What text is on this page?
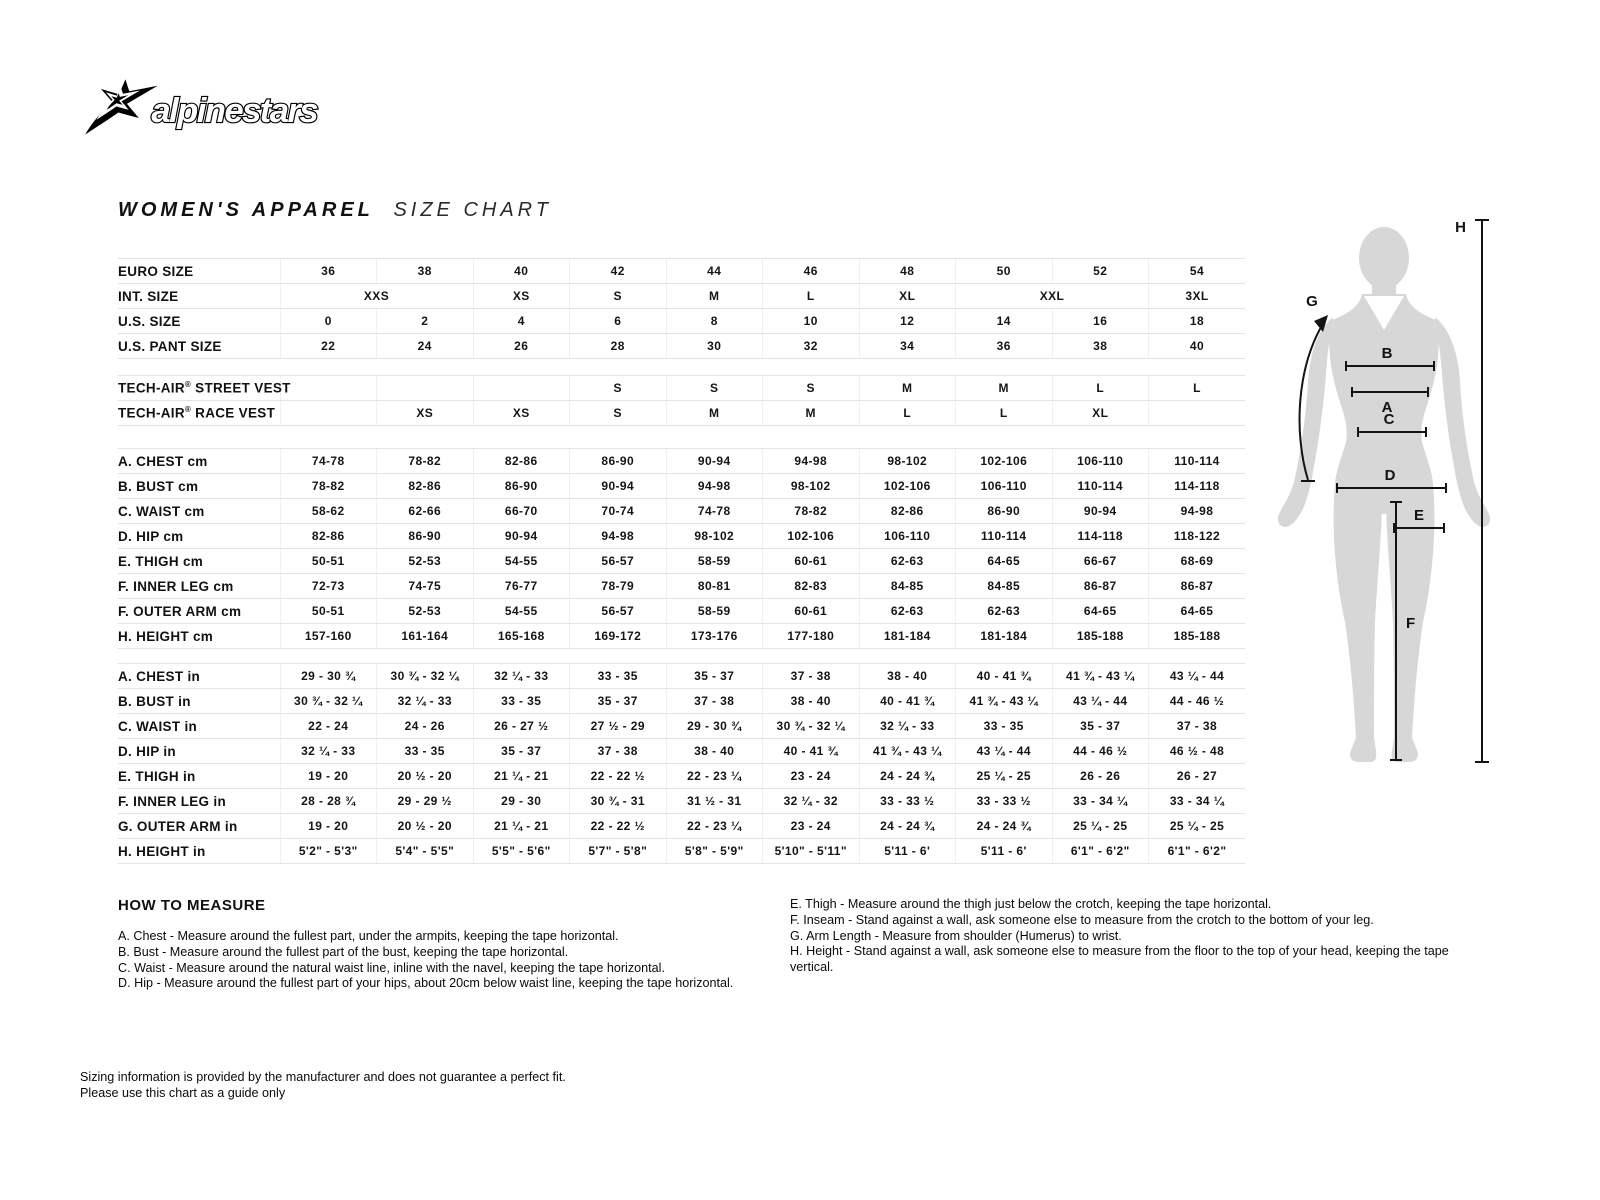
alpinestars
WOMEN'S APPAREL SIZE CHART
EURO SIZE	36	38	40	42	44	46	48	50	52	54
INT. SIZE	XXS		XS	S	M	L	XL	XXL		3XL
U.S. SIZE	0	2	4	6	8	10	12	14	16	18
U.S. PANT SIZE	22	24	26	28	30	32	34	36	38	40

TECH-AIR® STREET VEST				S	S	S	M	M	L	L
TECH-AIR® RACE VEST		XS	XS	S	M	M	L	L	XL	

A. CHEST cm	74-78	78-82	82-86	86-90	90-94	94-98	98-102	102-106	106-110	110-114
B. BUST cm	78-82	82-86	86-90	90-94	94-98	98-102	102-106	106-110	110-114	114-118
C. WAIST cm	58-62	62-66	66-70	70-74	74-78	78-82	82-86	86-90	90-94	94-98
D. HIP cm	82-86	86-90	90-94	94-98	98-102	102-106	106-110	110-114	114-118	118-122
E. THIGH cm	50-51	52-53	54-55	56-57	58-59	60-61	62-63	64-65	66-67	68-69
F. INNER LEG cm	72-73	74-75	76-77	78-79	80-81	82-83	84-85	84-85	86-87	86-87
F. OUTER ARM cm	50-51	52-53	54-55	56-57	58-59	60-61	62-63	62-63	64-65	64-65
H. HEIGHT cm	157-160	161-164	165-168	169-172	173-176	177-180	181-184	181-184	185-188	185-188

A. CHEST in	29 - 30 ¾	30 ¾ - 32 ¼	32 ¼ - 33	33 - 35	35 - 37	37 - 38	38 - 40	40 - 41 ¾	41 ¾ - 43 ¼	43 ¼ - 44
B. BUST in	30 ¾ - 32 ¼	32 ¼ - 33	33 - 35	35 - 37	37 - 38	38 - 40	40 - 41 ¾	41 ¾ - 43 ¼	43 ¼ - 44	44 - 46 ½
C. WAIST in	22 - 24	24 - 26	26 - 27 ½	27 ½ - 29	29 - 30 ¾	30 ¾ - 32 ¼	32 ¼ - 33	33 - 35	35 - 37	37 - 38
D. HIP in	32 ¼ - 33	33 - 35	35 - 37	37 - 38	38 - 40	40 - 41 ¾	41 ¾ - 43 ¼	43 ¼ - 44	44 - 46 ½	46 ½ - 48
E. THIGH in	19 - 20	20 ½ - 20	21 ¼ - 21	22 - 22 ½	22 - 23 ¼	23 - 24	24 - 24 ¾	25 ¼ - 25	26 - 26	26 - 27
F. INNER LEG in	28 - 28 ¾	29 - 29 ½	29 - 30	30 ¾ - 31	31 ½ - 31	32 ¼ - 32	33 - 33 ½	33 - 33 ½	33 - 34 ¼	33 - 34 ¼
G. OUTER ARM in	19 - 20	20 ½ - 20	21 ¼ - 21	22 - 22 ½	22 - 23 ¼	23 - 24	24 - 24 ¾	24 - 24 ¾	25 ¼ - 25	25 ¼ - 25
H. HEIGHT in	5'2" - 5'3"	5'4" - 5'5"	5'5" - 5'6"	5'7" - 5'8"	5'8" - 5'9"	5'10" - 5'11"	5'11 - 6'	5'11 - 6'	6'1" - 6'2"	6'1" - 6'2"
HOW TO MEASURE
A. Chest - Measure around the fullest part, under the armpits, keeping the tape horizontal.
B. Bust - Measure around the fullest part of the bust, keeping the tape horizontal.
C. Waist - Measure around the natural waist line, inline with the navel, keeping the tape horizontal.
D. Hip - Measure around the fullest part of your hips, about 20cm below waist line, keeping the tape horizontal.
E. Thigh - Measure around the thigh just below the crotch, keeping the tape horizontal.
F. Inseam - Stand against a wall, ask someone else to measure from the crotch to the bottom of your leg.
G. Arm Length - Measure from shoulder (Humerus) to wrist.
H. Height - Stand against a wall, ask someone else to measure from the floor to the top of your head, keeping the tape vertical.
Sizing information is provided by the manufacturer and does not guarantee a perfect fit.
Please use this chart as a guide only
A
B
C
D
E
F
G
H
